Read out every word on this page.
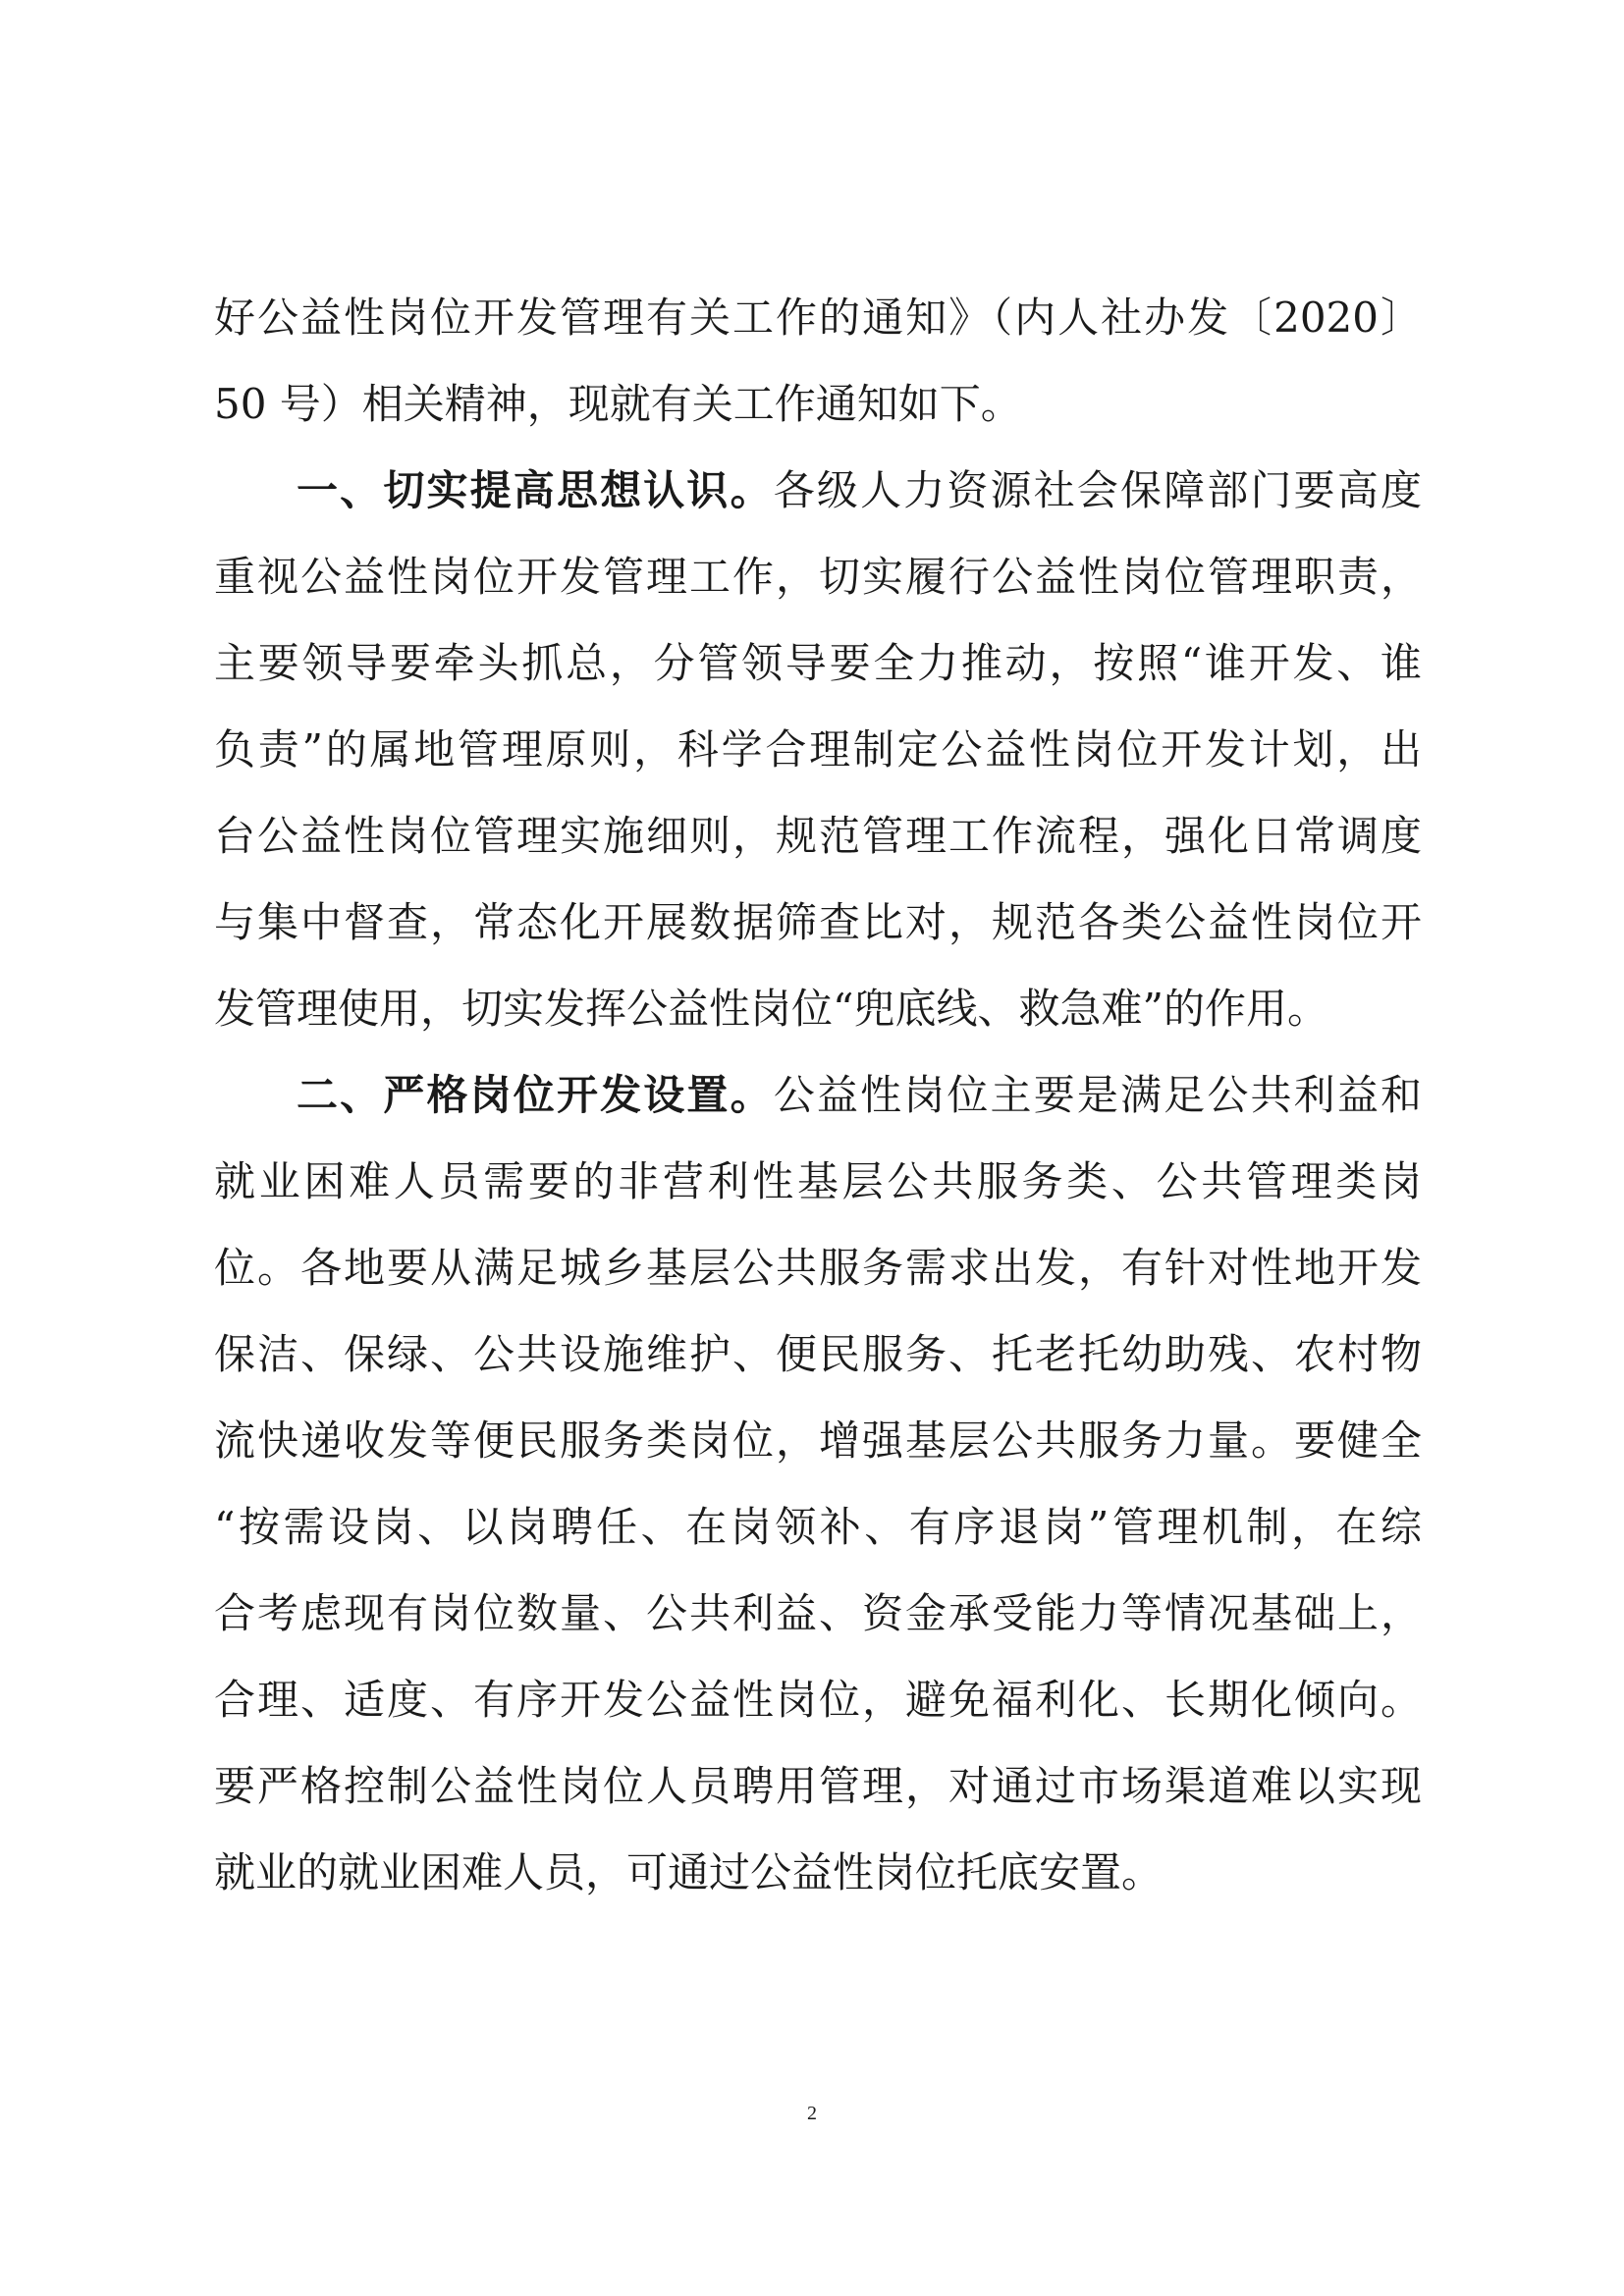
好公益性岗位开发管理有关工作的通知》（内人社办发〔2020〕
50 号）相关精神，现就有关工作通知如下。
一、切实提高思想认识。各级人力资源社会保障部门要高度
重视公益性岗位开发管理工作，切实履行公益性岗位管理职责，
主要领导要牵头抓总，分管领导要全力推动，按照“谁开发、谁
负责”的属地管理原则，科学合理制定公益性岗位开发计划，出
台公益性岗位管理实施细则，规范管理工作流程，强化日常调度
与集中督查，常态化开展数据筛查比对，规范各类公益性岗位开
发管理使用，切实发挥公益性岗位“兜底线、救急难”的作用。
二、严格岗位开发设置。公益性岗位主要是满足公共利益和
就业困难人员需要的非营利性基层公共服务类、公共管理类岗
位。各地要从满足城乡基层公共服务需求出发，有针对性地开发
保洁、保绿、公共设施维护、便民服务、托老托幼助残、农村物
流快递收发等便民服务类岗位，增强基层公共服务力量。要健全
“按需设岗、以岗聘任、在岗领补、有序退岗”管理机制，在综
合考虑现有岗位数量、公共利益、资金承受能力等情况基础上，
合理、适度、有序开发公益性岗位，避免福利化、长期化倾向。
要严格控制公益性岗位人员聘用管理，对通过市场渠道难以实现
就业的就业困难人员，可通过公益性岗位托底安置。
2
